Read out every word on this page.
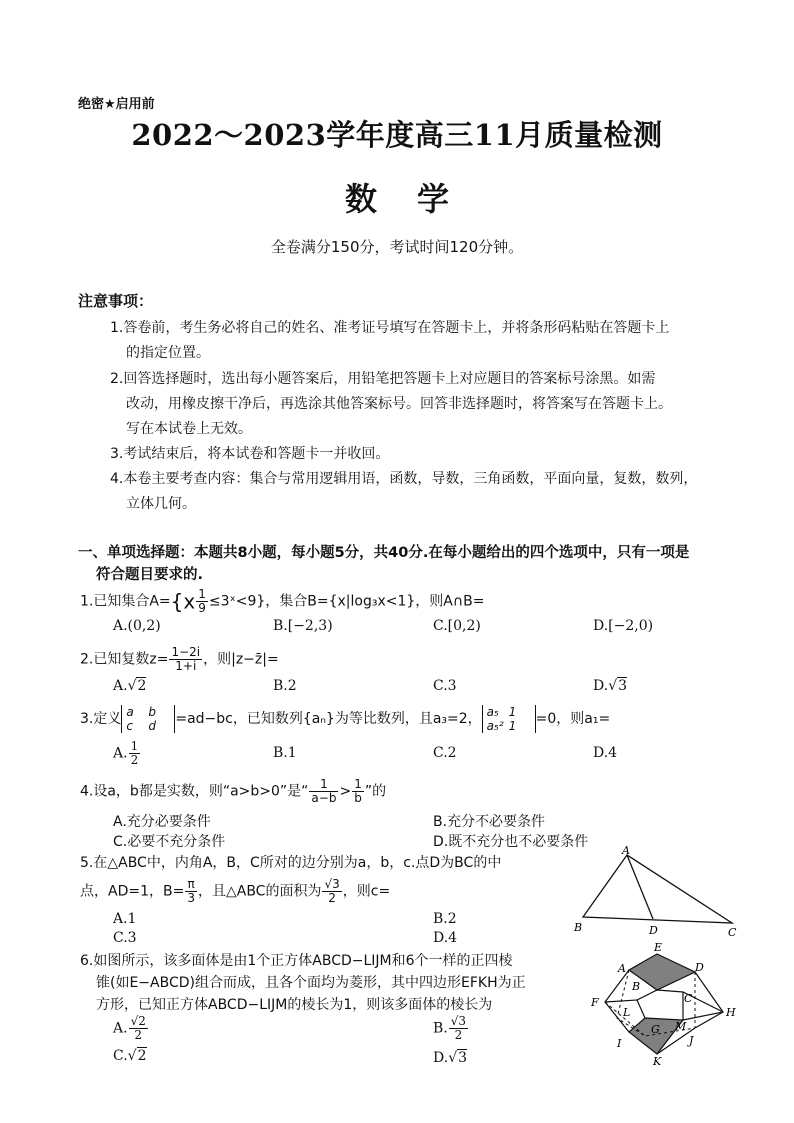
绝密★启用前
2022～2023学年度高三11月质量检测
数学
全卷满分150分，考试时间120分钟。
注意事项：
1.答卷前，考生务必将自己的姓名、准考证号填写在答题卡上，并将条形码粘贴在答题卡上
的指定位置。
2.回答选择题时，选出每小题答案后，用铅笔把答题卡上对应题目的答案标号涂黑。如需
改动，用橡皮擦干净后，再选涂其他答案标号。回答非选择题时，将答案写在答题卡上。
写在本试卷上无效。
3.考试结束后，将本试卷和答题卡一并收回。
4.本卷主要考查内容：集合与常用逻辑用语，函数，导数，三角函数，平面向量，复数，数列，
立体几何。
一、单项选择题：本题共8小题，每小题5分，共40分.在每小题给出的四个选项中，只有一项是
符合题目要求的.
1.已知集合$A=\{x \frac{1}{9}$ ≤3ˣ<9}，集合B={x|log₃x<1}，则A∩B=
A.(0,2)	B.[−2,3)	C.[0,2)	D.[−2,0)
2.已知复数$z= \frac{1-2i}{1+i}$ ，则|z−z̄|=
A.√2	B.2	C.3	D.√3
3.定义 a b
c d =ad−bc，已知数列{aₙ}为等比数列，且a₃=2， a₅ 1
a₅² 1 =0，则a₁=
A. $\frac{1}{2}$	B.1	C.2	D.4
4.设a，b都是实数，则“a>b>0”是“ $\frac{1}{a-b} > \frac{1}{b}$ ”的
A.充分必要条件	B.充分不必要条件
C.必要不充分条件	D.既不充分也不必要条件
5.在△ABC中，内角A，B，C所对的边分别为a，b，c.点D为BC的中
点，AD=1，$B= \frac{\pi}{3}$ ，且△ABC的面积为 $\frac{√3}{2}$ ，则c=
A.1	B.2
C.3	D.4
A
B	D	C
6.如图所示，该多面体是由1个正方体ABCD−LIJM和6个一样的正四棱
锥(如E−ABCD)组合而成，且各个面均为菱形，其中四边形EFKH为正
方形，已知正方体ABCD−LIJM的棱长为1，则该多面体的棱长为
A. $\frac{√2}{2}$	B. $\frac{√3}{2}$
C.√2	D.√3
E
A	D
B
C
F
H
L
G M
I	J
K
